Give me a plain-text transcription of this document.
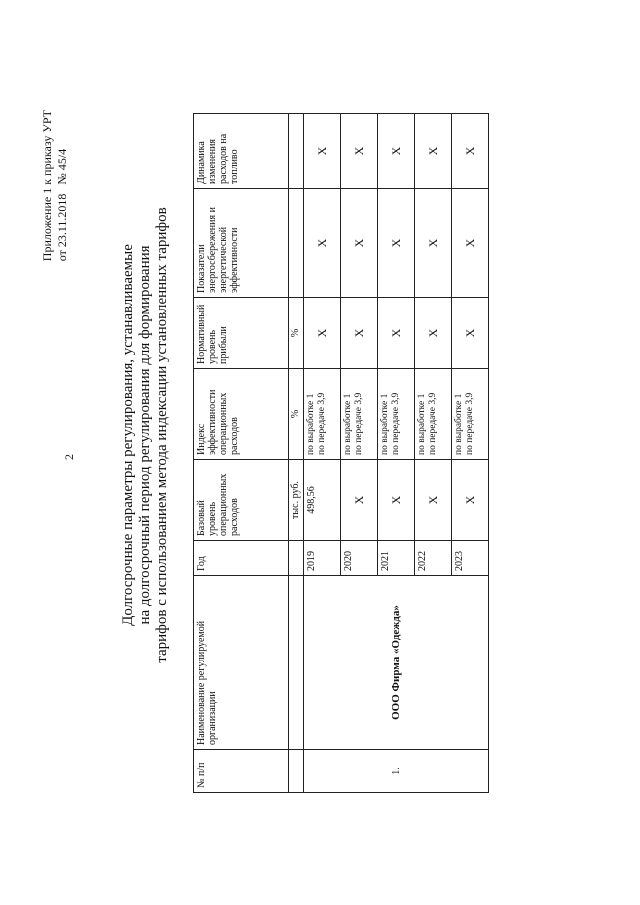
2
Приложение 1 к приказу УРТ от 23.11.2018   № 45/4
Долгосрочные параметры регулирования, устанавливаемые на долгосрочный период регулирования для формирования тарифов с использованием метода индексации установленных тарифов
№ п/п	Наименование регулируемой организации	Год	Базовый уровень операционных расходов	Индекс эффективности операционных расходов	Нормативный уровень прибыли	Показатели энергосбережения и энергетической эффективности	Динамика изменения расходов на топливо
			тыс. руб.	%	%		
1.	ООО Фирма «Одежда»	2019	498,56	по выработке 1 по передаче 3,9	X	X	X
		2020	X	по выработке 1 по передаче 3,9	X	X	X
		2021	X	по выработке 1 по передаче 3,9	X	X	X
		2022	X	по выработке 1 по передаче 3,9	X	X	X
		2023	X	по выработке 1 по передаче 3,9	X	X	X
